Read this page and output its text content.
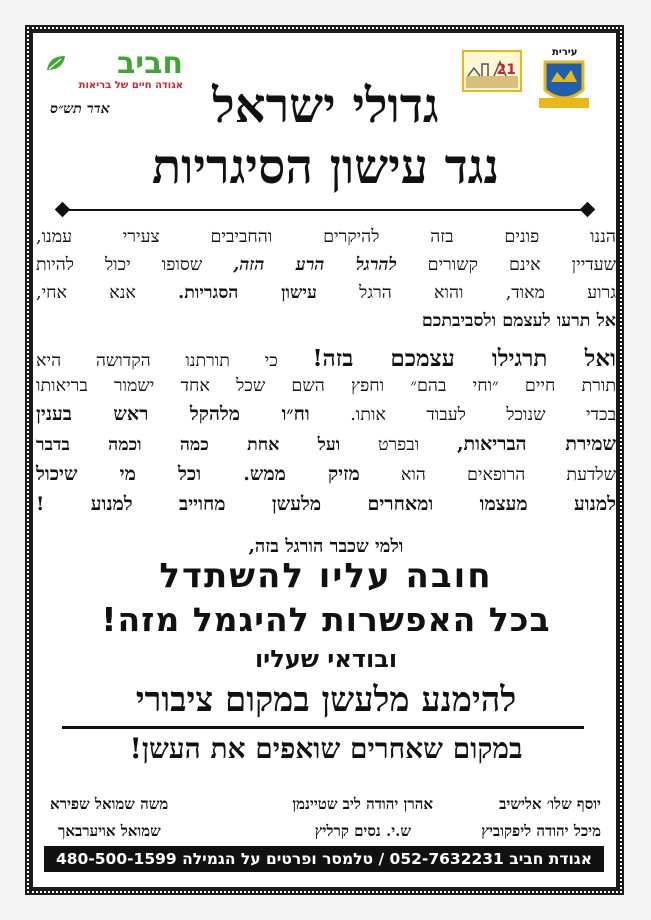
חביב
אגודה חיים של בריאות
אדר תש״ס
21
עירית
גדולי ישראל
נגד עישון הסיגריות
הננו פונים בזה להיקרים והחביבים צעירי עמנו,
שעדיין אינם קשורים להרגל הרע הזה, שסופו יכול להיות
גרוע מאוד, והוא הרגל עישון הסגריות. אנא אחי,
אל תרעו לעצמם ולסביבתכם
ואל תרגילו עצמכם בזה! כי תורתנו הקדושה היא
תורת חיים ״וחי בהם״ וחפץ השם שכל אחד ישמור בריאותו
בכדי שנוכל לעבוד אותו. וח״ו מלהקל ראש בענין
שמירת הבריאות, ובפרט ועל אחת כמה וכמה בדבר
שלדעת הרופאים הוא מזיק ממש. וכל מי שיכול
למנוע מעצמו ומאחרים מלעשן מחוייב למנוע !
ולמי שכבר הורגל בזה,
חובה עליו להשתדל
בכל האפשרות להיגמל מזה!
ובודאי שעליו
להימנע מלעשן במקום ציבורי
במקום שאחרים שואפים את העשן!
יוסף שלו׳ אלישיב
אהרן יהודה ליב שטיינמן
משה שמואל שפירא
מיכל יהודה ליפקוביץ
ש.י. נסים קרליץ
שמואל אויערבאך
אגודת חביב 052-7632231 / טלמסר ופרטים על הגמילה 480-500-1599
